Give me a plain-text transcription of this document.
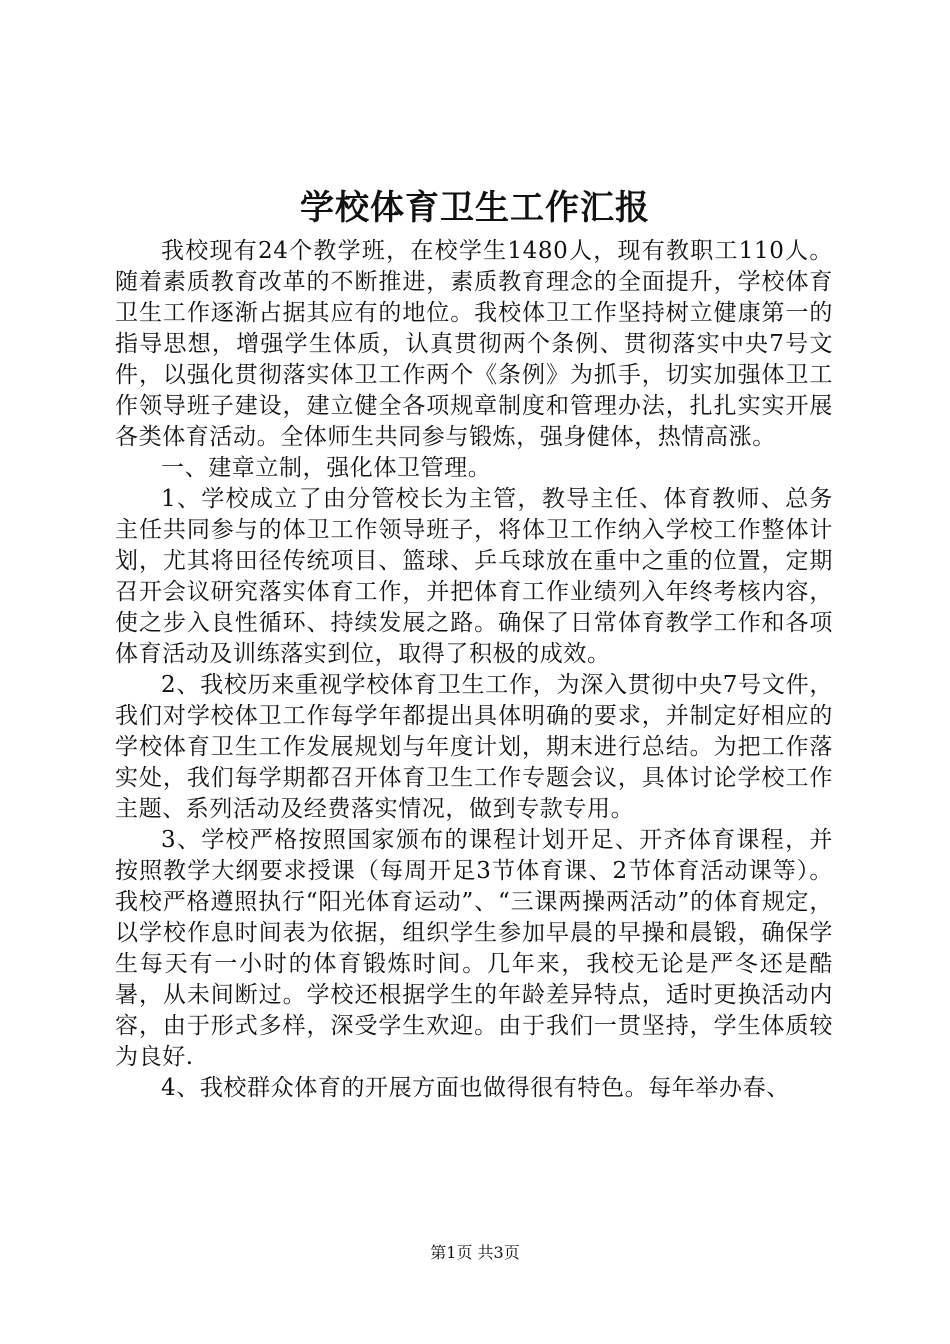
学校体育卫生工作汇报

我校现有24个教学班，在校学生1480人，现有教职工110人。随着素质教育改革的不断推进，素质教育理念的全面提升，学校体育卫生工作逐渐占据其应有的地位。我校体卫工作坚持树立健康第一的指导思想，增强学生体质，认真贯彻两个条例、贯彻落实中央7号文件，以强化贯彻落实体卫工作两个《条例》为抓手，切实加强体卫工作领导班子建设，建立健全各项规章制度和管理办法，扎扎实实开展各类体育活动。全体师生共同参与锻炼，强身健体，热情高涨。

一、建章立制，强化体卫管理。

1、学校成立了由分管校长为主管，教导主任、体育教师、总务主任共同参与的体卫工作领导班子，将体卫工作纳入学校工作整体计划，尤其将田径传统项目、篮球、乒乓球放在重中之重的位置，定期召开会议研究落实体育工作，并把体育工作业绩列入年终考核内容，使之步入良性循环、持续发展之路。确保了日常体育教学工作和各项体育活动及训练落实到位，取得了积极的成效。

2、我校历来重视学校体育卫生工作，为深入贯彻中央7号文件，我们对学校体卫工作每学年都提出具体明确的要求，并制定好相应的学校体育卫生工作发展规划与年度计划，期末进行总结。为把工作落实处，我们每学期都召开体育卫生工作专题会议，具体讨论学校工作主题、系列活动及经费落实情况，做到专款专用。

3、学校严格按照国家颁布的课程计划开足、开齐体育课程，并按照教学大纲要求授课（每周开足3节体育课、2节体育活动课等）。我校严格遵照执行“阳光体育运动”、“三课两操两活动”的体育规定，以学校作息时间表为依据，组织学生参加早晨的早操和晨锻，确保学生每天有一小时的体育锻炼时间。几年来，我校无论是严冬还是酷暑，从未间断过。学校还根据学生的年龄差异特点，适时更换活动内容，由于形式多样，深受学生欢迎。由于我们一贯坚持，学生体质较为良好.

4、我校群众体育的开展方面也做得很有特色。每年举办春、

第1页 共3页
